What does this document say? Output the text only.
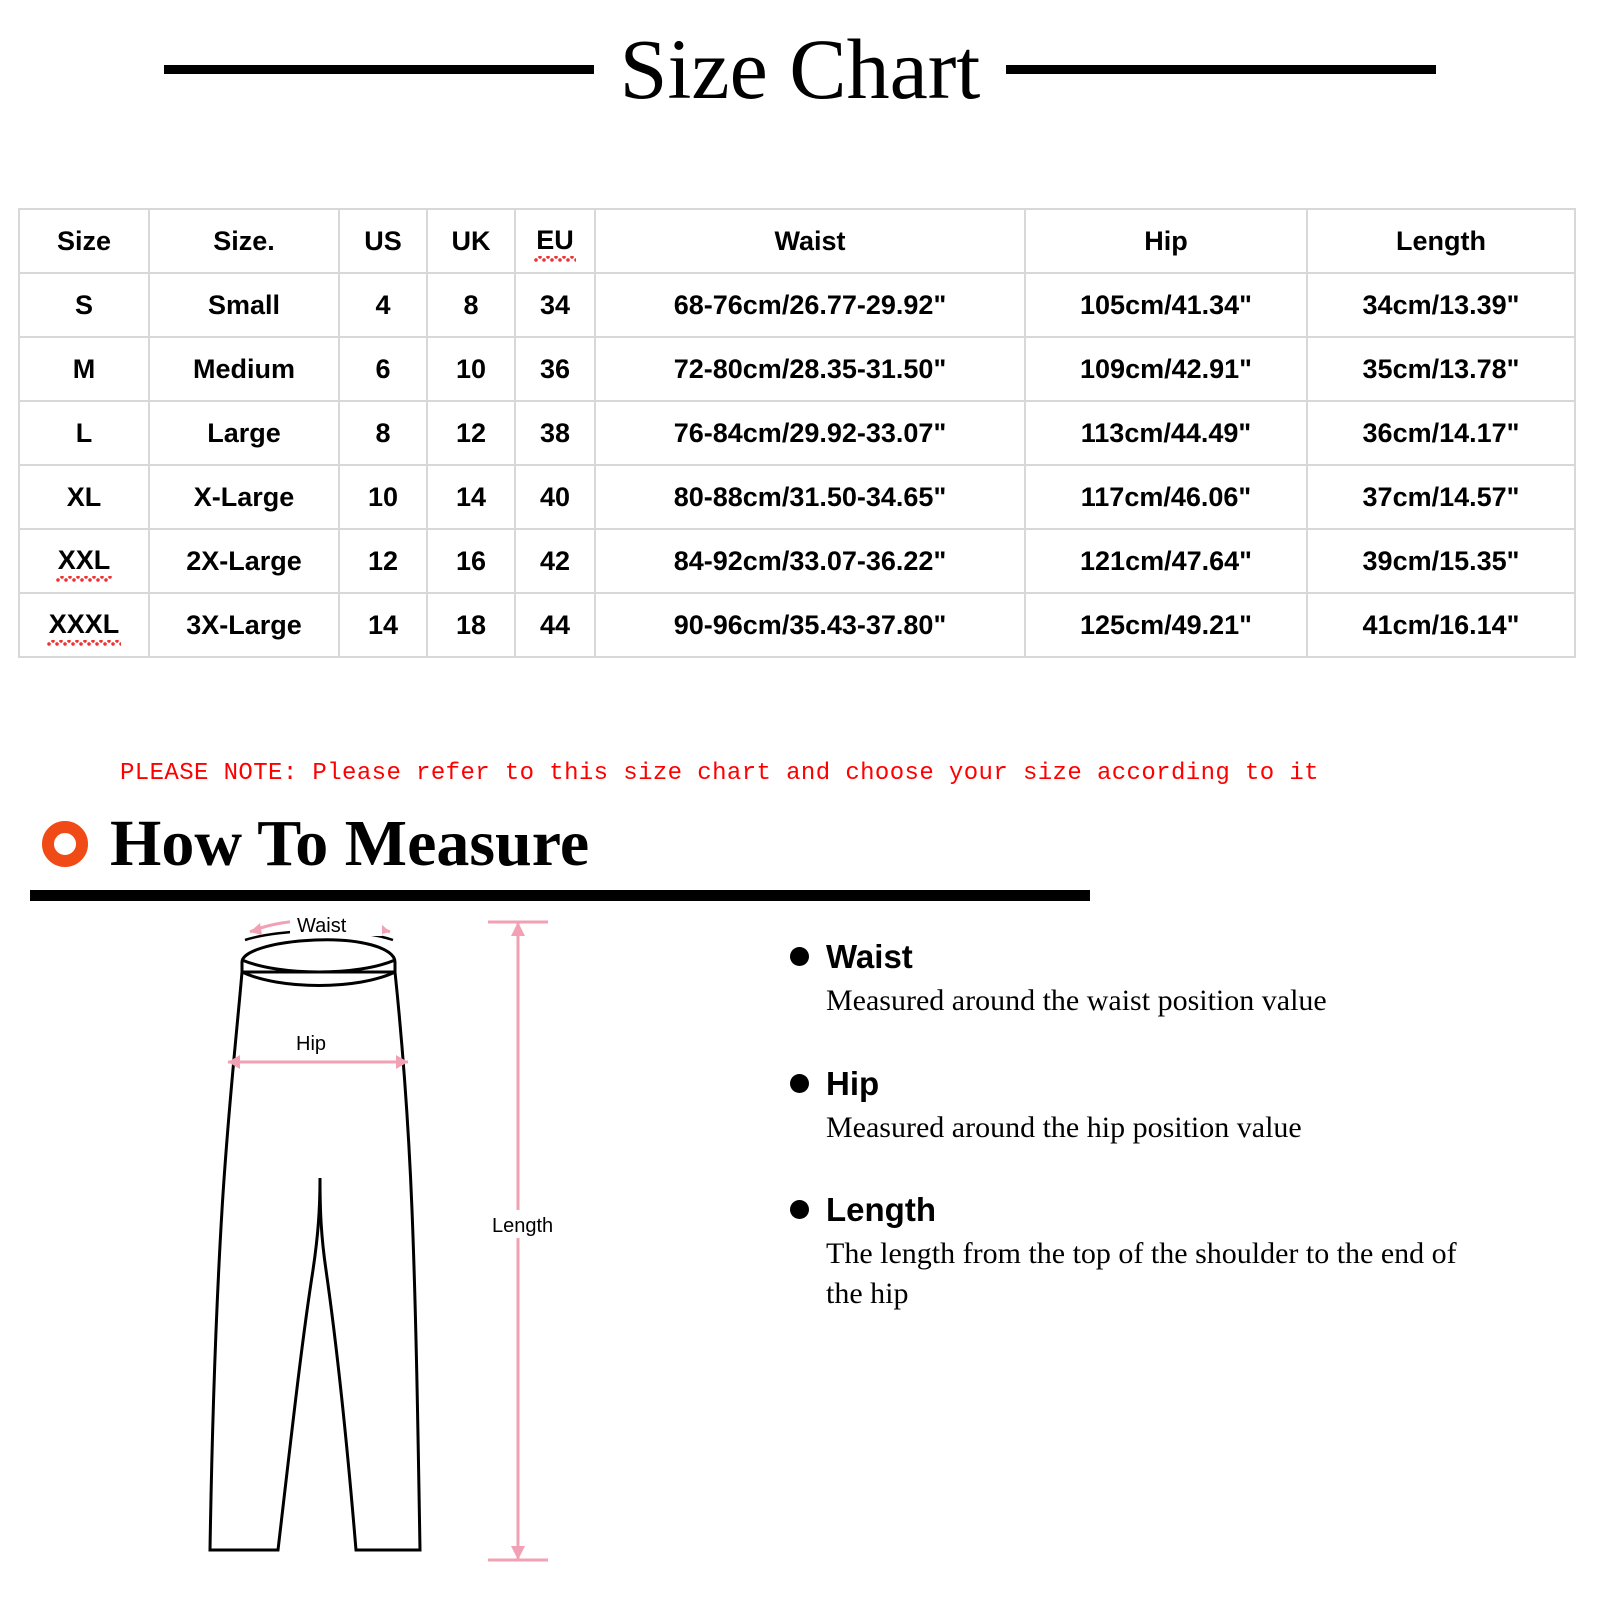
Size Chart
Size	Size.	US	UK	EU	Waist	Hip	Length
S	Small	4	8	34	68-76cm/26.77-29.92"	105cm/41.34"	34cm/13.39"
M	Medium	6	10	36	72-80cm/28.35-31.50"	109cm/42.91"	35cm/13.78"
L	Large	8	12	38	76-84cm/29.92-33.07"	113cm/44.49"	36cm/14.17"
XL	X-Large	10	14	40	80-88cm/31.50-34.65"	117cm/46.06"	37cm/14.57"
XXL	2X-Large	12	16	42	84-92cm/33.07-36.22"	121cm/47.64"	39cm/15.35"
XXXL	3X-Large	14	18	44	90-96cm/35.43-37.80"	125cm/49.21"	41cm/16.14"
PLEASE NOTE: Please refer to this size chart and choose your size according to it
How To Measure
Waist
Hip
Length
Waist
Measured around the waist position value
Hip
Measured around the hip position value
Length
The length from the top of the shoulder to the end of the hip
